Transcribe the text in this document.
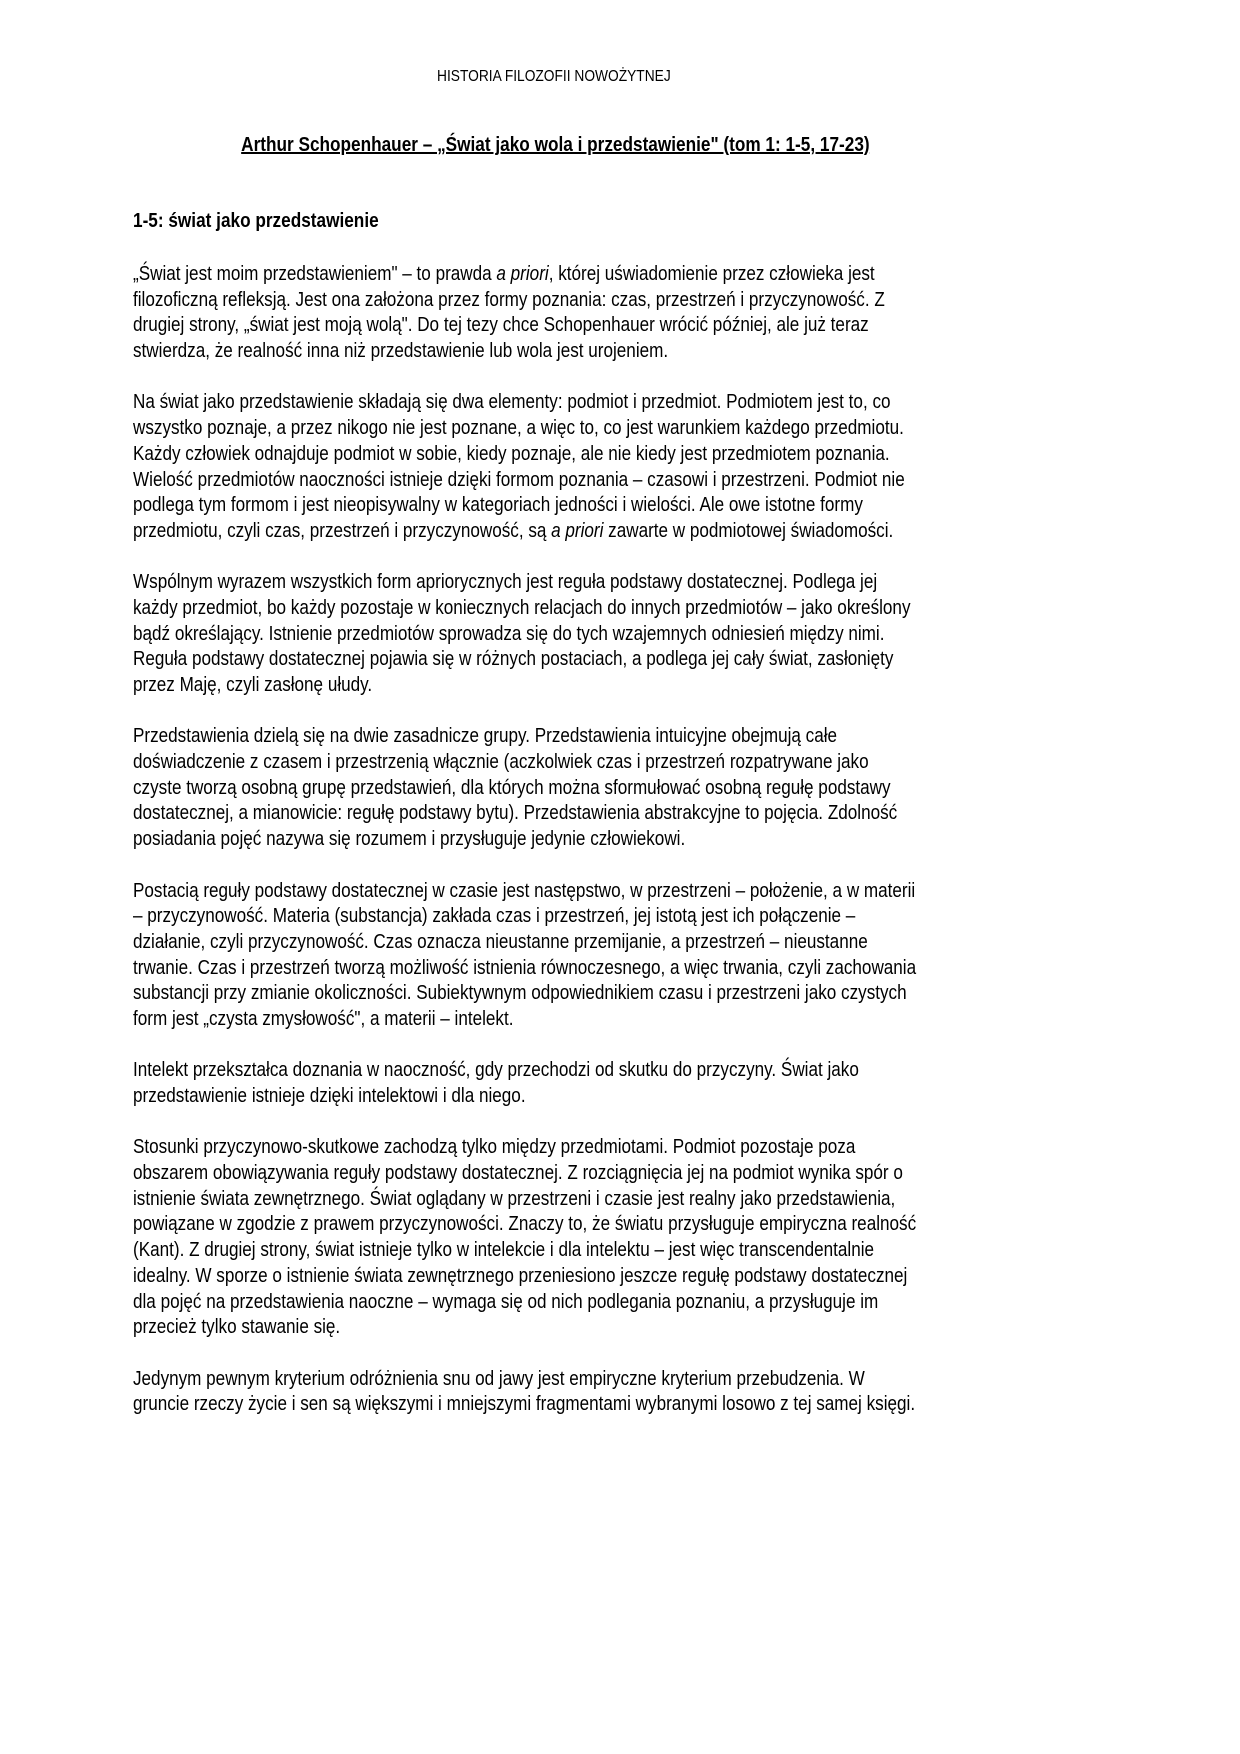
HISTORIA FILOZOFII NOWOŻYTNEJ
Arthur Schopenhauer – „Świat jako wola i przedstawienie" (tom 1: 1-5, 17-23)
1-5: świat jako przedstawienie
„Świat jest moim przedstawieniem" – to prawda a priori, której uświadomienie przez człowieka jest
filozoficzną refleksją. Jest ona założona przez formy poznania: czas, przestrzeń i przyczynowość. Z
drugiej strony, „świat jest moją wolą". Do tej tezy chce Schopenhauer wrócić później, ale już teraz
stwierdza, że realność inna niż przedstawienie lub wola jest urojeniem.
Na świat jako przedstawienie składają się dwa elementy: podmiot i przedmiot. Podmiotem jest to, co
wszystko poznaje, a przez nikogo nie jest poznane, a więc to, co jest warunkiem każdego przedmiotu.
Każdy człowiek odnajduje podmiot w sobie, kiedy poznaje, ale nie kiedy jest przedmiotem poznania.
Wielość przedmiotów naoczności istnieje dzięki formom poznania – czasowi i przestrzeni. Podmiot nie
podlega tym formom i jest nieopisywalny w kategoriach jedności i wielości. Ale owe istotne formy
przedmiotu, czyli czas, przestrzeń i przyczynowość, są a priori zawarte w podmiotowej świadomości.
Wspólnym wyrazem wszystkich form apriorycznych jest reguła podstawy dostatecznej. Podlega jej
każdy przedmiot, bo każdy pozostaje w koniecznych relacjach do innych przedmiotów – jako określony
bądź określający. Istnienie przedmiotów sprowadza się do tych wzajemnych odniesień między nimi.
Reguła podstawy dostatecznej pojawia się w różnych postaciach, a podlega jej cały świat, zasłonięty
przez Maję, czyli zasłonę ułudy.
Przedstawienia dzielą się na dwie zasadnicze grupy. Przedstawienia intuicyjne obejmują całe
doświadczenie z czasem i przestrzenią włącznie (aczkolwiek czas i przestrzeń rozpatrywane jako
czyste tworzą osobną grupę przedstawień, dla których można sformułować osobną regułę podstawy
dostatecznej, a mianowicie: regułę podstawy bytu). Przedstawienia abstrakcyjne to pojęcia. Zdolność
posiadania pojęć nazywa się rozumem i przysługuje jedynie człowiekowi.
Postacią reguły podstawy dostatecznej w czasie jest następstwo, w przestrzeni – położenie, a w materii
– przyczynowość. Materia (substancja) zakłada czas i przestrzeń, jej istotą jest ich połączenie –
działanie, czyli przyczynowość. Czas oznacza nieustanne przemijanie, a przestrzeń – nieustanne
trwanie. Czas i przestrzeń tworzą możliwość istnienia równoczesnego, a więc trwania, czyli zachowania
substancji przy zmianie okoliczności. Subiektywnym odpowiednikiem czasu i przestrzeni jako czystych
form jest „czysta zmysłowość", a materii – intelekt.
Intelekt przekształca doznania w naoczność, gdy przechodzi od skutku do przyczyny. Świat jako
przedstawienie istnieje dzięki intelektowi i dla niego.
Stosunki przyczynowo-skutkowe zachodzą tylko między przedmiotami. Podmiot pozostaje poza
obszarem obowiązywania reguły podstawy dostatecznej. Z rozciągnięcia jej na podmiot wynika spór o
istnienie świata zewnętrznego. Świat oglądany w przestrzeni i czasie jest realny jako przedstawienia,
powiązane w zgodzie z prawem przyczynowości. Znaczy to, że światu przysługuje empiryczna realność
(Kant). Z drugiej strony, świat istnieje tylko w intelekcie i dla intelektu – jest więc transcendentalnie
idealny. W sporze o istnienie świata zewnętrznego przeniesiono jeszcze regułę podstawy dostatecznej
dla pojęć na przedstawienia naoczne – wymaga się od nich podlegania poznaniu, a przysługuje im
przecież tylko stawanie się.
Jedynym pewnym kryterium odróżnienia snu od jawy jest empiryczne kryterium przebudzenia. W
gruncie rzeczy życie i sen są większymi i mniejszymi fragmentami wybranymi losowo z tej samej księgi.
